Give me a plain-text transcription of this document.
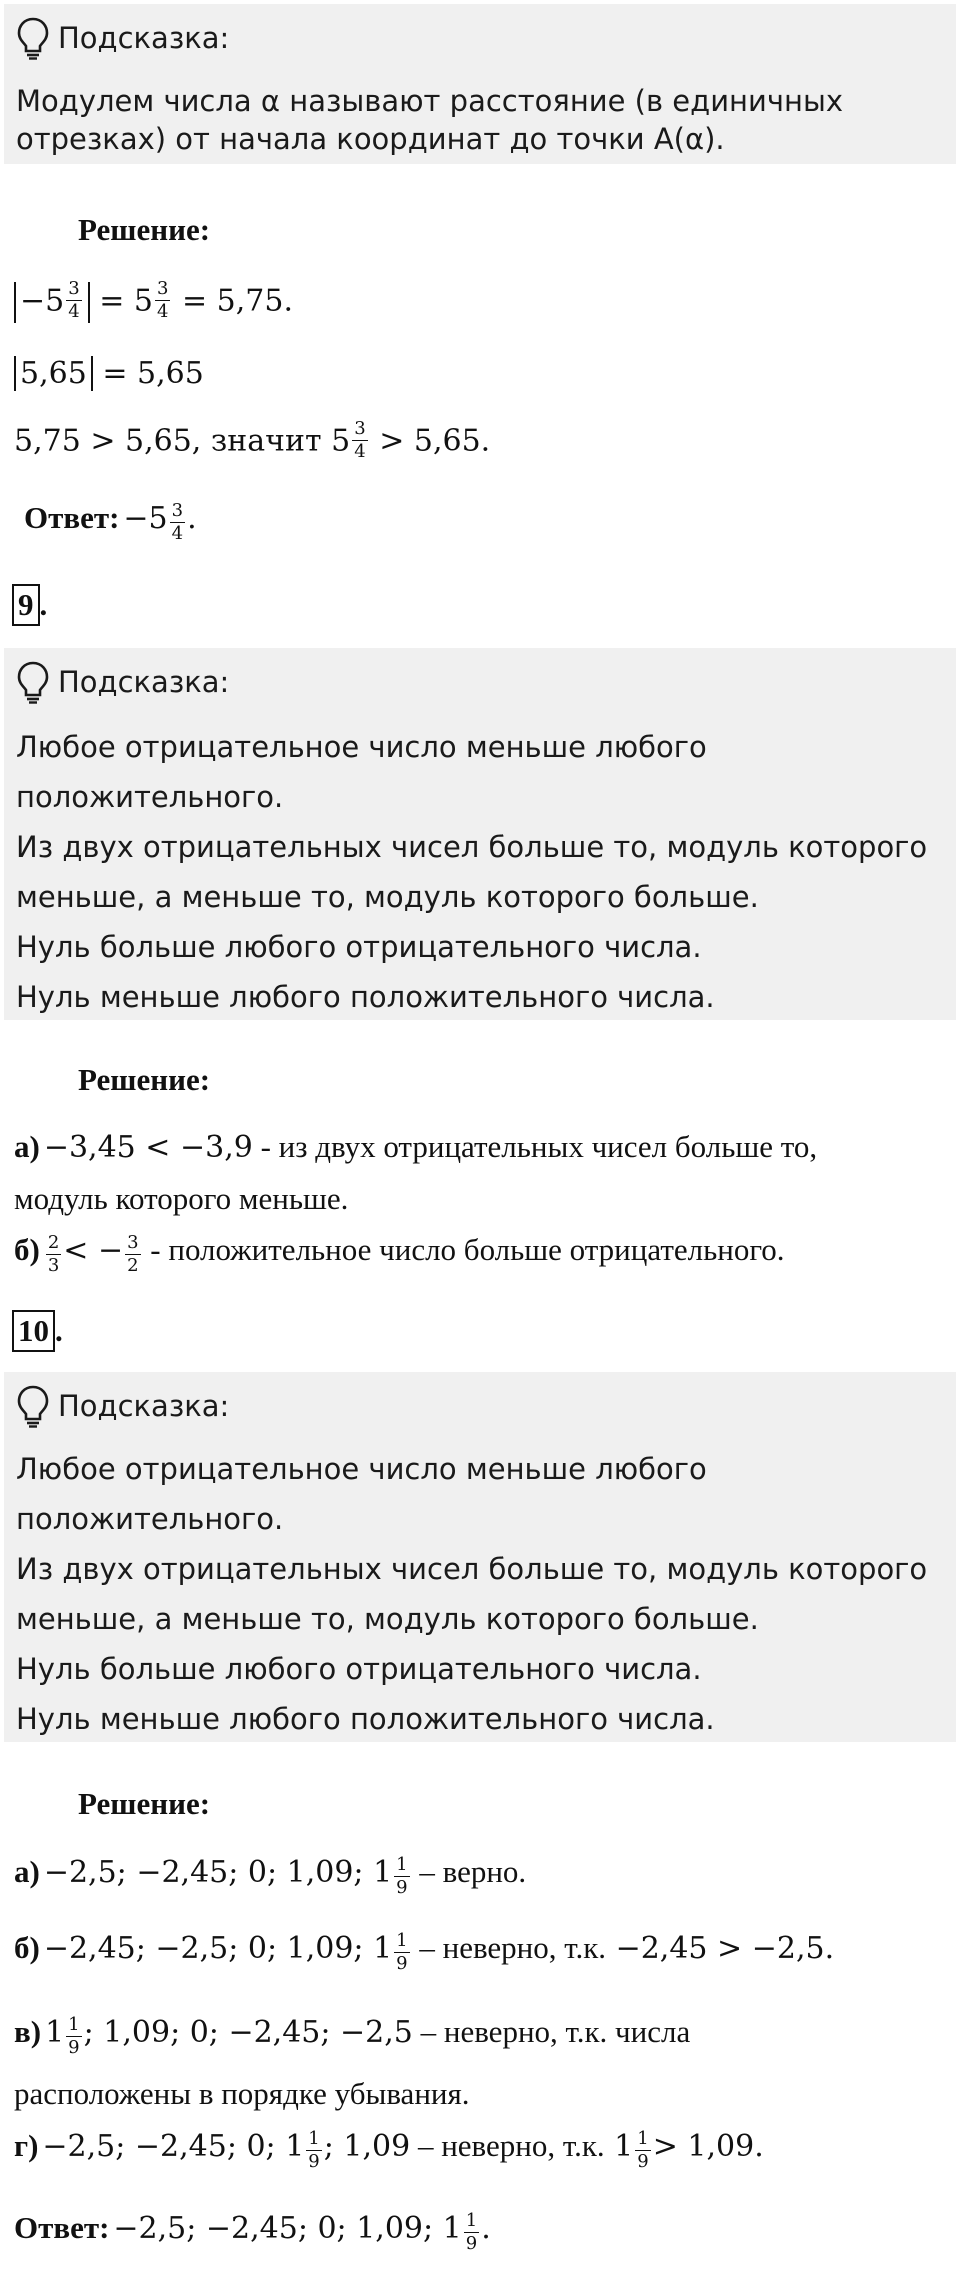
Подсказка:
Модулем числа α называют расстояние (в единичных
отрезках) от начала координат до точки А(α).
Решение:
$-5 \frac{3}{4} = 5 \frac{3}{4} = 5,75$.
5,65 = 5,65
5,75 > 5,65, значит $5 \frac{3}{4} > 5,65$.
Ответ: $-5 \frac{3}{4}$ .
9 .
Подсказка:
Любое отрицательное число меньше любого
положительного.
Из двух отрицательных чисел больше то, модуль которого
меньше, а меньше то, модуль которого больше.
Нуль больше любого отрицательного числа.
Нуль меньше любого положительного числа.
Решение:
а) −3,45 < −3,9 - из двух отрицательных чисел больше то,
модуль которого меньше.
$б) \frac{2}{3}$ < − $\frac{3}{2}$ - положительное число больше отрицательного.
10 .
Подсказка:
Любое отрицательное число меньше любого
положительного.
Из двух отрицательных чисел больше то, модуль которого
меньше, а меньше то, модуль которого больше.
Нуль больше любого отрицательного числа.
Нуль меньше любого положительного числа.
Решение:
а) −2,5; −2,45; 0; 1,09; $1 \frac{1}{9}$ – верно.
б) −2,45; −2,5; 0; 1,09; $1 \frac{1}{9}$ – неверно, т.к. −2,45 > −2,5.
в) $1 \frac{1}{9}$ ; 1,09; 0; −2,45; −2,5 – неверно, т.к. числа
расположены в порядке убывания.
г) −2,5; −2,45; 0; $1 \frac{1}{9}$ ; 1,09 – неверно, т.к. $1 \frac{1}{9} > 1,09$.
Ответ: −2,5; −2,45; 0; 1,09; $1 \frac{1}{9}$ .
